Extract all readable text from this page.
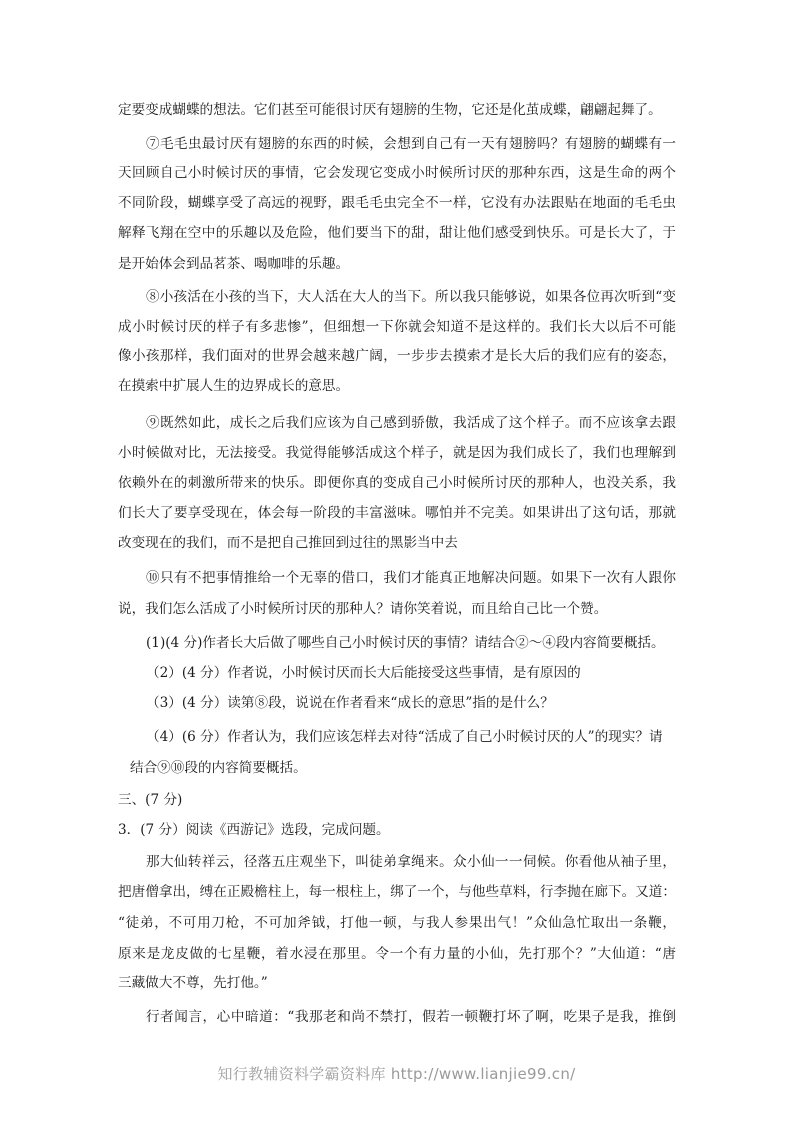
定要变成蝴蝶的想法。它们甚至可能很讨厌有翅膀的生物，它还是化茧成蝶，翩翩起舞了。
⑦毛毛虫最讨厌有翅膀的东西的时候，会想到自己有一天有翅膀吗？有翅膀的蝴蝶有一
天回顾自己小时候讨厌的事情，它会发现它变成小时候所讨厌的那种东西，这是生命的两个
不同阶段，蝴蝶享受了高远的视野，跟毛毛虫完全不一样，它没有办法跟贴在地面的毛毛虫
解释飞翔在空中的乐趣以及危险，他们要当下的甜，甜让他们感受到快乐。可是长大了，于
是开始体会到品茗茶、喝咖啡的乐趣。
⑧小孩活在小孩的当下，大人活在大人的当下。所以我只能够说，如果各位再次听到“变
成小时候讨厌的样子有多悲惨”，但细想一下你就会知道不是这样的。我们长大以后不可能
像小孩那样，我们面对的世界会越来越广阔，一步步去摸索才是长大后的我们应有的姿态，
在摸索中扩展人生的边界成长的意思。
⑨既然如此，成长之后我们应该为自己感到骄傲，我活成了这个样子。而不应该拿去跟
小时候做对比，无法接受。我觉得能够活成这个样子，就是因为我们成长了，我们也理解到
依赖外在的刺激所带来的快乐。即便你真的变成自己小时候所讨厌的那种人，也没关系，我
们长大了要享受现在，体会每一阶段的丰富滋味。哪怕并不完美。如果讲出了这句话，那就
改变现在的我们，而不是把自己推回到过往的黑影当中去
⑩只有不把事情推给一个无辜的借口，我们才能真正地解决问题。如果下一次有人跟你
说，我们怎么活成了小时候所讨厌的那种人？请你笑着说，而且给自己比一个赞。
(1)(4 分)作者长大后做了哪些自己小时候讨厌的事情？请结合②～④段内容简要概括。
（2）(4 分）作者说，小时候讨厌而长大后能接受这些事情，是有原因的
（3）(4 分）读第⑧段，说说在作者看来“成长的意思”指的是什么？
（4）(6 分）作者认为，我们应该怎样去对待“活成了自己小时候讨厌的人”的现实？请
结合⑨⑩段的内容简要概括。
三、(7 分)
3．(7 分）阅读《西游记》选段，完成问题。
那大仙转祥云，径落五庄观坐下，叫徒弟拿绳来。众小仙一一伺候。你看他从袖子里，
把唐僧拿出，缚在正殿檐柱上，每一根柱上，绑了一个，与他些草料，行李抛在廊下。又道：
“徒弟，不可用刀枪，不可加斧钺，打他一顿，与我人参果出气！”众仙急忙取出一条鞭，
原来是龙皮做的七星鞭，着水浸在那里。令一个有力量的小仙，先打那个？”大仙道：“唐
三藏做大不尊，先打他。”
行者闻言，心中暗道：“我那老和尚不禁打，假若一顿鞭打坏了啊，吃果子是我，推倒
知行教辅资料学霸资料库 http://www.lianjie99.cn/
